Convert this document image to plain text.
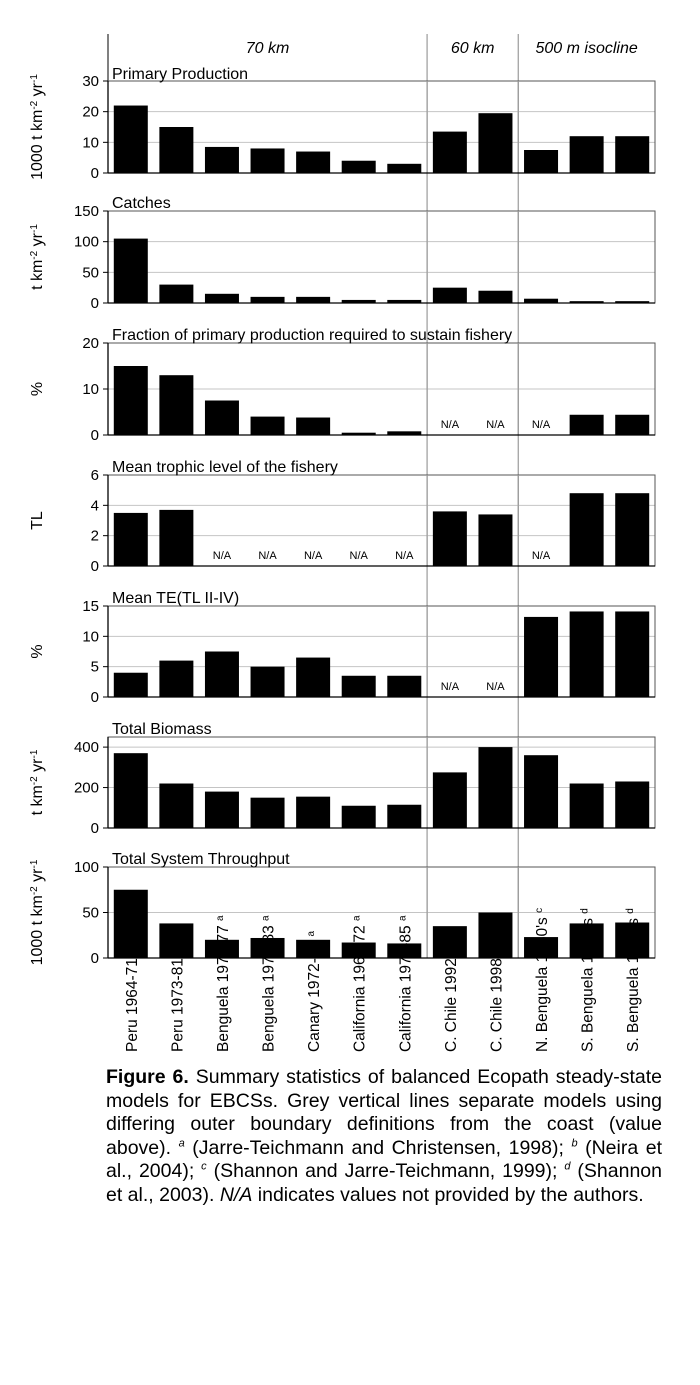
70 km	60 km	500 m isocline
0
10
20
30 Primary Production
1000 t $km^{-2}$ $yr^{-1}$
0
50
100
150 Catches
t $km^{-2}$ $yr^{-1}$
0
10
20 Fraction of primary production required to sustain fishery
%
N/A N/A N/A
0
2
4
6 Mean trophic level of the fishery
TL
N/A N/A N/A N/A N/A	N/A
0
5
10
15 Mean TE(TL II-IV)
%
N/A N/A
0
200
400
Total Biomass
t $km^{-2}$ $yr^{-1}$
0
50
100 Total System Throughput
1000 t $km^{-2}$ $yr^{-1}$
Peru 1964-71 $^a$
Peru 1973-81 $^a$	Benguela 1971-77 $^a$
Benguela 1978-83 $^a$
Canary 1972-79 $^a$	California 1965-72 $^a$
California 1977-85 $^a$
C. Chile 1992 $^b$
C. Chile 1998 $^b$	N. Benguela 1980's $^c$
S. Benguela 1980's $^d$
S. Benguela 1990's $^d$
Figure 6. Summary statistics of balanced Ecopath steady-state models for EBCSs. Grey vertical lines separate models using differing outer boundary definitions from the coast (value above). $^a$ (Jarre-Teichmann and Christensen, 1998); $^b$ (Neira et al., 2004); $^c$ (Shannon and Jarre-Teichmann, 1999); $^d$ (Shannon et al., 2003). N/A indicates values not provided by the authors.
